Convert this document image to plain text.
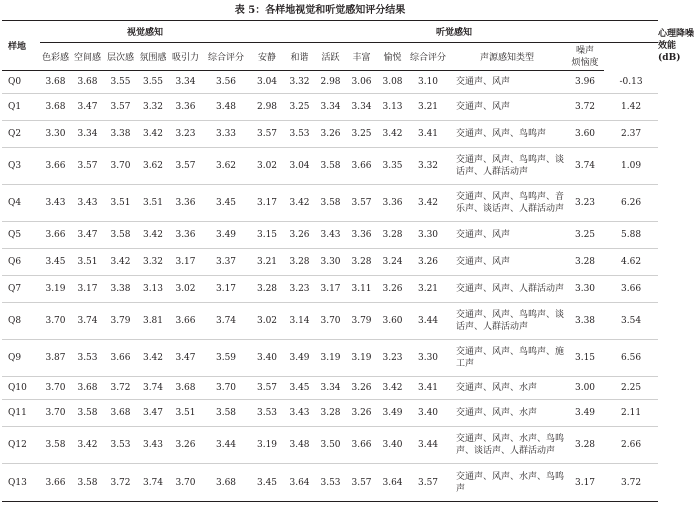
表 5：各样地视觉和听觉感知评分结果
样地	视觉感知						听觉感知									心理降噪
效能
(dB)
	色彩感	空间感	层次感	氛围感	吸引力	综合评分	安静	和谐	活跃	丰富	愉悦	综合评分	声源感知类型	噪声
烦恼度		
Q0	3.68	3.68	3.55	3.55	3.34	3.56	3.04	3.32	2.98	3.06	3.08	3.10	交通声、风声	3.96	-0.13	
Q1	3.68	3.47	3.57	3.32	3.36	3.48	2.98	3.25	3.34	3.34	3.13	3.21	交通声、风声	3.72	1.42	
Q2	3.30	3.34	3.38	3.42	3.23	3.33	3.57	3.53	3.26	3.25	3.42	3.41	交通声、风声、鸟鸣声	3.60	2.37	
Q3	3.66	3.57	3.70	3.62	3.57	3.62	3.02	3.04	3.58	3.66	3.35	3.32	交通声、风声、鸟鸣声、谈话声、人群活动声	3.74	1.09	
Q4	3.43	3.43	3.51	3.51	3.36	3.45	3.17	3.42	3.58	3.57	3.36	3.42	交通声、风声、鸟鸣声、音乐声、谈话声、人群活动声	3.23	6.26	
Q5	3.66	3.47	3.58	3.42	3.36	3.49	3.15	3.26	3.43	3.36	3.28	3.30	交通声、风声	3.25	5.88	
Q6	3.45	3.51	3.42	3.32	3.17	3.37	3.21	3.28	3.30	3.28	3.24	3.26	交通声、风声	3.28	4.62	
Q7	3.19	3.17	3.38	3.13	3.02	3.17	3.28	3.23	3.17	3.11	3.26	3.21	交通声、风声、人群活动声	3.30	3.66	
Q8	3.70	3.74	3.79	3.81	3.66	3.74	3.02	3.14	3.70	3.79	3.60	3.44	交通声、风声、鸟鸣声、谈话声、人群活动声	3.38	3.54	
Q9	3.87	3.53	3.66	3.42	3.47	3.59	3.40	3.49	3.19	3.19	3.23	3.30	交通声、风声、鸟鸣声、施工声	3.15	6.56	
Q10	3.70	3.68	3.72	3.74	3.68	3.70	3.57	3.45	3.34	3.26	3.42	3.41	交通声、风声、水声	3.00	2.25	
Q11	3.70	3.58	3.68	3.47	3.51	3.58	3.53	3.43	3.28	3.26	3.49	3.40	交通声、风声、水声	3.49	2.11	
Q12	3.58	3.42	3.53	3.43	3.26	3.44	3.19	3.48	3.50	3.66	3.40	3.44	交通声、风声、水声、鸟鸣声、谈话声、人群活动声	3.28	2.66	
Q13	3.66	3.58	3.72	3.74	3.70	3.68	3.45	3.64	3.53	3.57	3.64	3.57	交通声、风声、水声、鸟鸣声	3.17	3.72	
